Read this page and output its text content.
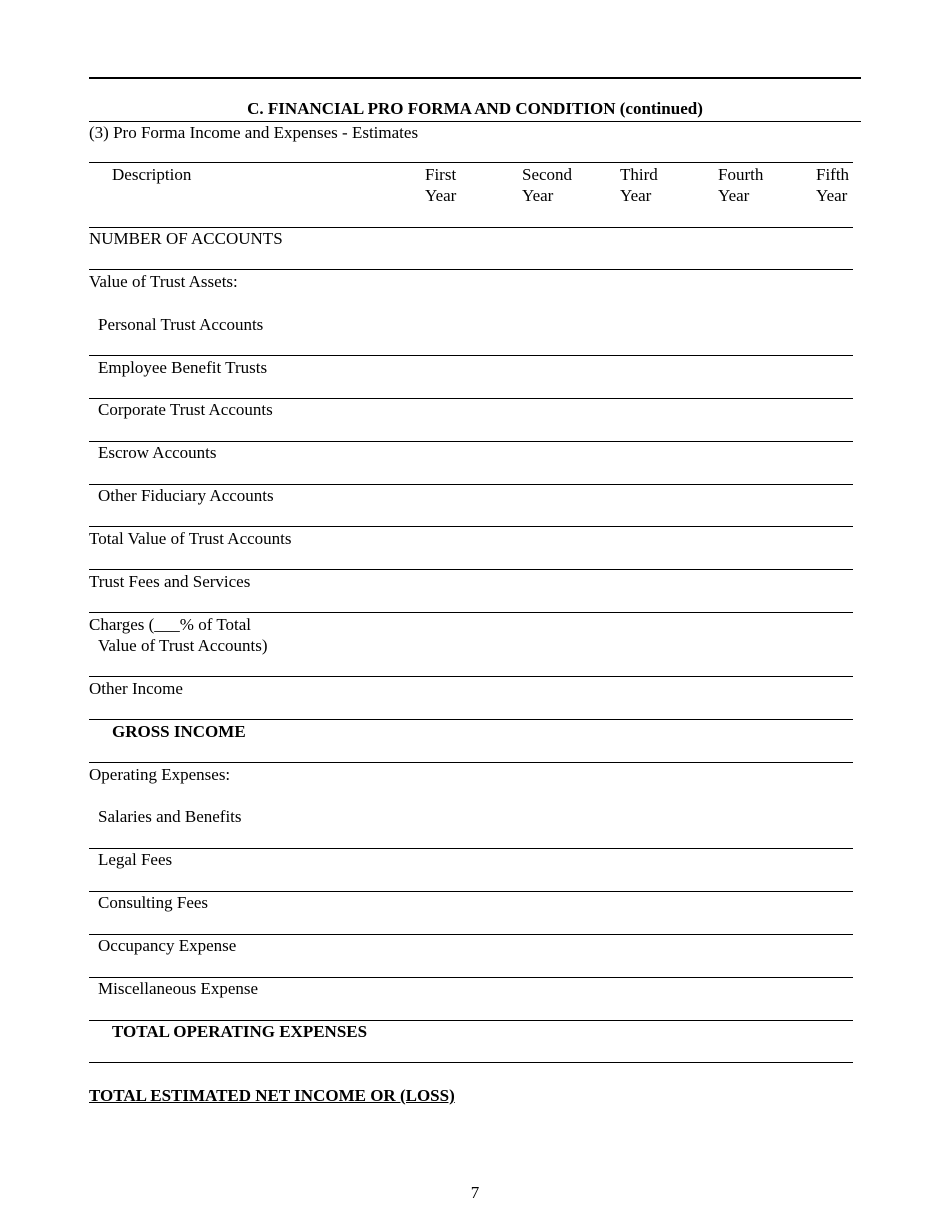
C. FINANCIAL PRO FORMA AND CONDITION (continued)
(3) Pro Forma Income and Expenses - Estimates
Description	First
Year
Second
Year
Third
Year
Fourth
Year
Fifth
Year
NUMBER OF ACCOUNTS
Value of Trust Assets:
Personal Trust Accounts
Employee Benefit Trusts
Corporate Trust Accounts
Escrow Accounts
Other Fiduciary Accounts
Total Value of Trust Accounts
Trust Fees and Services
Charges (___% of Total
Value of Trust Accounts)
Other Income
GROSS INCOME
Operating Expenses:
Salaries and Benefits
Legal Fees
Consulting Fees
Occupancy Expense
Miscellaneous Expense
TOTAL OPERATING EXPENSES
TOTAL ESTIMATED NET INCOME OR (LOSS)
7
